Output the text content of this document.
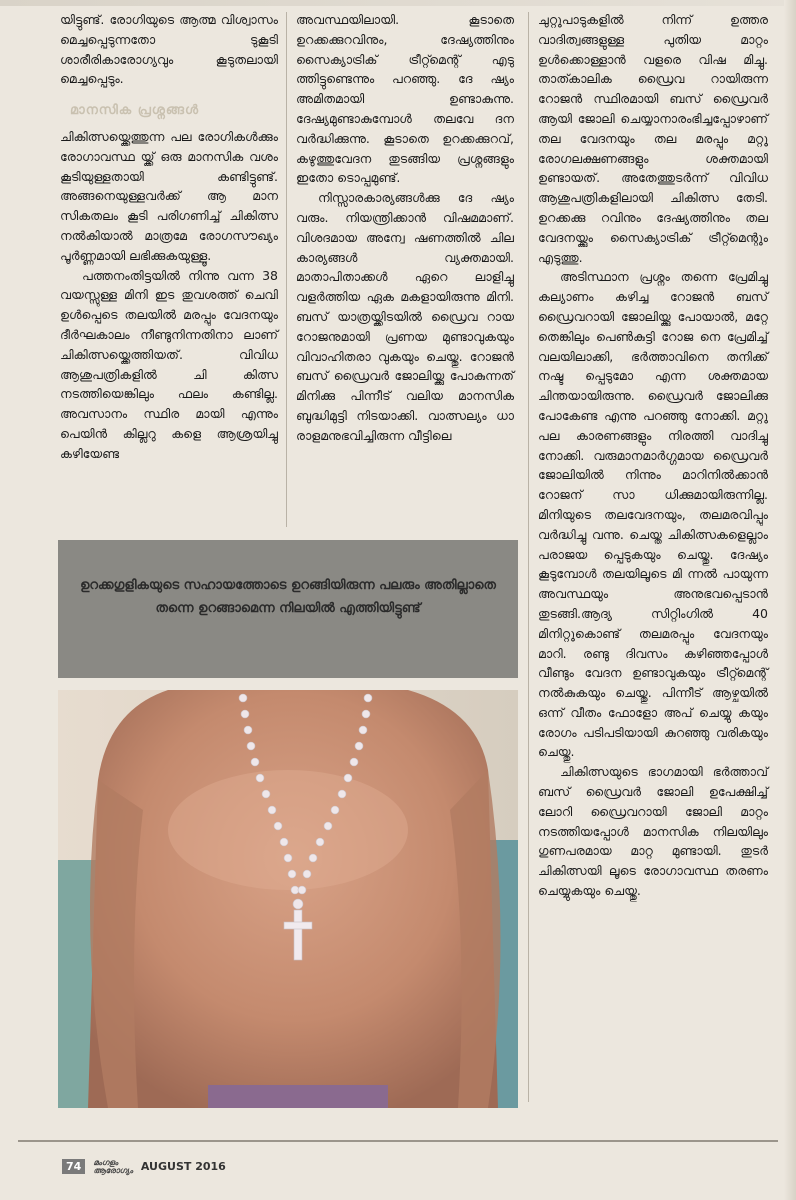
യിട്ടുണ്ട്. രോഗിയുടെ ആത്മ വിശ്വാസം മെച്ചപ്പെടുന്നതോ ടുകൂടി ശാരീരികാരോഗ്യവും കൂടുതലായി മെച്ചപ്പെടും.

മാനസിക പ്രശ്നങ്ങൾ

ചികിത്സയ്ക്കെത്തുന്ന പല രോഗികൾക്കും രോഗാവസ്ഥ യ്ക്ക് ഒരു മാനസിക വശം കൂടിയുള്ളതായി കണ്ടിട്ടുണ്ട്. അങ്ങനെയുള്ളവർക്ക് ആ മാന സികതലം കൂടി പരിഗണിച്ച് ചികിത്സ നൽകിയാൽ മാത്രമേ രോഗസൗഖ്യം പൂർണ്ണമായി ലഭിക്കുകയുള്ളൂ.

പത്തനംതിട്ടയിൽ നിന്നു വന്ന 38 വയസ്സുള്ള മിനി ഇട തുവശത്ത് ചെവി ഉൾപ്പെടെ തലയിൽ മരപ്പും വേദനയും ദീർഘകാലം നീണ്ടുനിന്നതിനാ ലാണ് ചികിത്സയ്ക്കെത്തിയത്. വിവിധ ആശുപത്രികളിൽ ചി കിത്സ നടത്തിയെങ്കിലും ഫലം കണ്ടില്ല. അവസാനം സ്ഥിര മായി എന്നും പെയിൻ കില്ലറു കളെ ആശ്രയിച്ചു കഴിയേണ്ട

അവസ്ഥയിലായി. കൂടാതെ ഉറക്കക്കുറവിനും, ദേഷ്യത്തിനും സൈക്യാട്രിക് ട്രീറ്റ്മെന്റ് എടു ത്തിട്ടുണ്ടെന്നും പറഞ്ഞു. ദേ ഷ്യം അമിതമായി ഉണ്ടാകുന്നു. ദേഷ്യമുണ്ടാകുമ്പോൾ തലവേ ദന വർദ്ധിക്കുന്നു. കൂടാതെ ഉറക്കക്കുറവ്, കഴുത്തുവേദന തുടങ്ങിയ പ്രശ്നങ്ങളും ഇതോ ടൊപ്പമുണ്ട്.

നിസ്സാരകാര്യങ്ങൾക്കു ദേ ഷ്യം വരും. നിയന്ത്രിക്കാൻ വിഷമമാണ്. വിശദമായ അന്വേ ഷണത്തിൽ ചില കാര്യങ്ങൾ വ്യക്തമായി. മാതാപിതാക്കൾ ഏറെ ലാളിച്ചു വളർത്തിയ ഏക മകളായിരുന്നു മിനി. ബസ് യാത്രയ്ക്കിടയിൽ ഡ്രൈവ റായ റോജനുമായി പ്രണയ മുണ്ടാവുകയും വിവാഹിതരാ വുകയും ചെയ്തു. റോജൻ ബസ് ഡ്രൈവർ ജോലിയ്ക്കു പോകുന്നത് മിനിക്കു പിന്നീട് വലിയ മാനസിക ബുദ്ധിമുട്ടി നിടയാക്കി. വാത്സല്യം ധാ രാളമനുഭവിച്ചിരുന്ന വീട്ടിലെ

ചുറ്റുപാടുകളിൽ നിന്ന് ഉത്തര വാദിത്വങ്ങളുള്ള പുതിയ മാറ്റം ഉൾക്കൊള്ളാൻ വളരെ വിഷ മിച്ചു. താത്കാലിക ഡ്രൈവ റായിരുന്ന റോജൻ സ്ഥിരമായി ബസ് ഡ്രൈവർ ആയി ജോലി ചെയ്യാനാരംഭിച്ചപ്പോഴാണ് തല വേദനയും തല മരപ്പും മറ്റു രോഗലക്ഷണങ്ങളും ശക്തമായി ഉണ്ടായത്. അതേത്തുടർന്ന് വിവിധ ആശുപത്രികളിലായി ചികിത്സ തേടി. ഉറക്കക്കു റവിനും ദേഷ്യത്തിനും തല വേദനയ്ക്കും സൈക്യാട്രിക് ട്രീറ്റ്മെന്റും എടുത്തു.

അടിസ്ഥാന പ്രശ്നം തന്നെ പ്രേമിച്ചു കല്യാണം കഴിച്ച റോജൻ ബസ് ഡ്രൈവറായി ജോലിയ്ക്കു പോയാൽ, മറ്റേ തെങ്കിലും പെൺകുട്ടി റോജ നെ പ്രേമിച്ച് വലയിലാക്കി, ഭർത്താവിനെ തനിക്ക് നഷ്ട പ്പെടുമോ എന്ന ശക്തമായ ചിന്തയായിരുന്നു. ഡ്രൈവർ ജോലിക്കു പോകേണ്ട എന്നു പറഞ്ഞു നോക്കി. മറ്റു പല കാരണങ്ങളും നിരത്തി വാദിച്ചു നോക്കി. വരുമാനമാർഗ്ഗമായ ഡ്രൈവർ ജോലിയിൽ നിന്നും മാറിനിൽക്കാൻ റോജന് സാ ധിക്കുമായിരുന്നില്ല. മിനിയുടെ തലവേദനയും, തലമരവിപ്പും വർദ്ധിച്ചു വന്നു. ചെയ്ത ചികിത്സകളെല്ലാം പരാജയ പ്പെടുകയും ചെയ്തു. ദേഷ്യം കൂടുമ്പോൾ തലയിലൂടെ മി ന്നൽ പായുന്ന അവസ്ഥയും അനുഭവപ്പെടാൻ തുടങ്ങി.ആദ്യ സിറ്റിംഗിൽ 40 മിനിറ്റുകൊണ്ട് തലമരപ്പും വേദനയും മാറി. രണ്ടു ദിവസം കഴിഞ്ഞപ്പോൾ വീണ്ടും വേദന ഉണ്ടാവുകയും ട്രീറ്റ്മെന്റ് നൽകുകയും ചെയ്തു. പിന്നീട് ആഴ്ചയിൽ ഒന്ന് വീതം ഫോളോ അപ് ചെയ്യു കയും രോഗം പടിപടിയായി കുറഞ്ഞു വരികയും ചെയ്തു.

ചികിത്സയുടെ ഭാഗമായി ഭർത്താവ് ബസ് ഡ്രൈവർ ജോലി ഉപേക്ഷിച്ച് ലോറി ഡ്രൈവറായി ജോലി മാറ്റം നടത്തിയപ്പോൾ മാനസിക നിലയിലും ഗുണപരമായ മാറ്റ മുണ്ടായി. തുടർ ചികിത്സയി ലൂടെ രോഗാവസ്ഥ തരണം ചെയ്യുകയും ചെയ്തു.

ഉറക്കഗുളികയുടെ സഹായത്തോടെ ഉറങ്ങിയിരുന്ന പലരും അതില്ലാതെ തന്നെ ഉറങ്ങാമെന്ന നിലയിൽ എത്തിയിട്ടുണ്ട്
74	മംഗളം
ആരോഗ്യം AUGUST 2016
